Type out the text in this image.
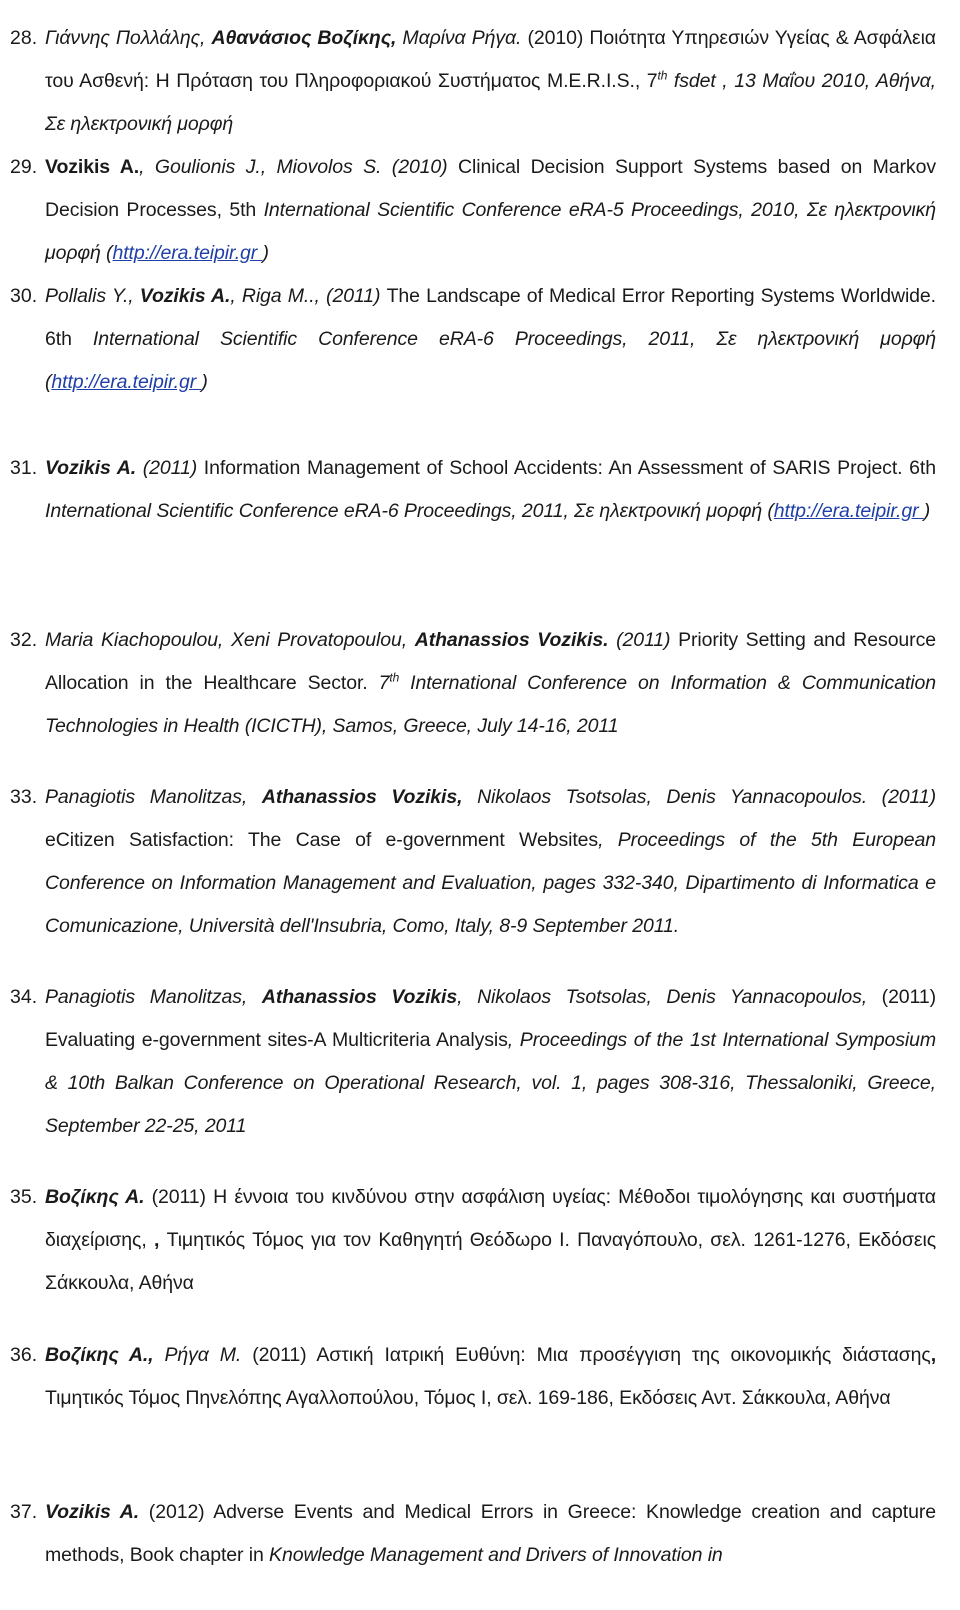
28. Γιάννης Πολλάλης, Αθανάσιος Βοζίκης, Μαρίνα Ρήγα. (2010) Ποιότητα Υπηρεσιών Υγείας & Ασφάλεια του Ασθενή: Η Πρόταση του Πληροφοριακού Συστήματος M.E.R.I.S., 7th fsdet , 13 Μαΐου 2010, Αθήνα, Σε ηλεκτρονική μορφή
29. Vozikis A., Goulionis J., Miovolos S. (2010) Clinical Decision Support Systems based on Markov Decision Processes, 5th International Scientific Conference eRA-5 Proceedings, 2010, Σε ηλεκτρονική μορφή (http://era.teipir.gr )
30. Pollalis Y., Vozikis A., Riga M.., (2011) The Landscape of Medical Error Reporting Systems Worldwide. 6th International Scientific Conference eRA-6 Proceedings, 2011, Σε ηλεκτρονική μορφή (http://era.teipir.gr )
31. Vozikis A. (2011) Information Management of School Accidents: An Assessment of SARIS Project. 6th International Scientific Conference eRA-6 Proceedings, 2011, Σε ηλεκτρονική μορφή (http://era.teipir.gr )
32. Maria Kiachopoulou, Xeni Provatopoulou, Athanassios Vozikis. (2011) Priority Setting and Resource Allocation in the Healthcare Sector. 7th International Conference on Information & Communication Technologies in Health (ICICTH), Samos, Greece, July 14-16, 2011
33. Panagiotis Manolitzas, Athanassios Vozikis, Nikolaos Tsotsolas, Denis Yannacopoulos. (2011) eCitizen Satisfaction: The Case of e-government Websites, Proceedings of the 5th European Conference on Information Management and Evaluation, pages 332-340, Dipartimento di Informatica e Comunicazione, Università dell'Insubria, Como, Italy, 8-9 September 2011.
34. Panagiotis Manolitzas, Athanassios Vozikis, Nikolaos Tsotsolas, Denis Yannacopoulos, (2011) Evaluating e-government sites-A Multicriteria Analysis, Proceedings of the 1st International Symposium & 10th Balkan Conference on Operational Research, vol. 1, pages 308-316, Thessaloniki, Greece, September 22-25, 2011
35. Βοζίκης Α. (2011) Η έννοια του κινδύνου στην ασφάλιση υγείας: Μέθοδοι τιμολόγησης και συστήματα διαχείρισης, , Τιμητικός Τόμος για τον Καθηγητή Θεόδωρο Ι. Παναγόπουλο, σελ. 1261-1276, Εκδόσεις Σάκκουλα, Αθήνα
36. Βοζίκης Α., Ρήγα Μ. (2011) Αστική Ιατρική Ευθύνη: Μια προσέγγιση της οικονομικής διάστασης, Τιμητικός Τόμος Πηνελόπης Αγαλλοπούλου, Τόμος Ι, σελ. 169-186, Εκδόσεις Αντ. Σάκκουλα, Αθήνα
37. Vozikis A. (2012) Adverse Events and Medical Errors in Greece: Knowledge creation and capture methods, Book chapter in Knowledge Management and Drivers of Innovation in
